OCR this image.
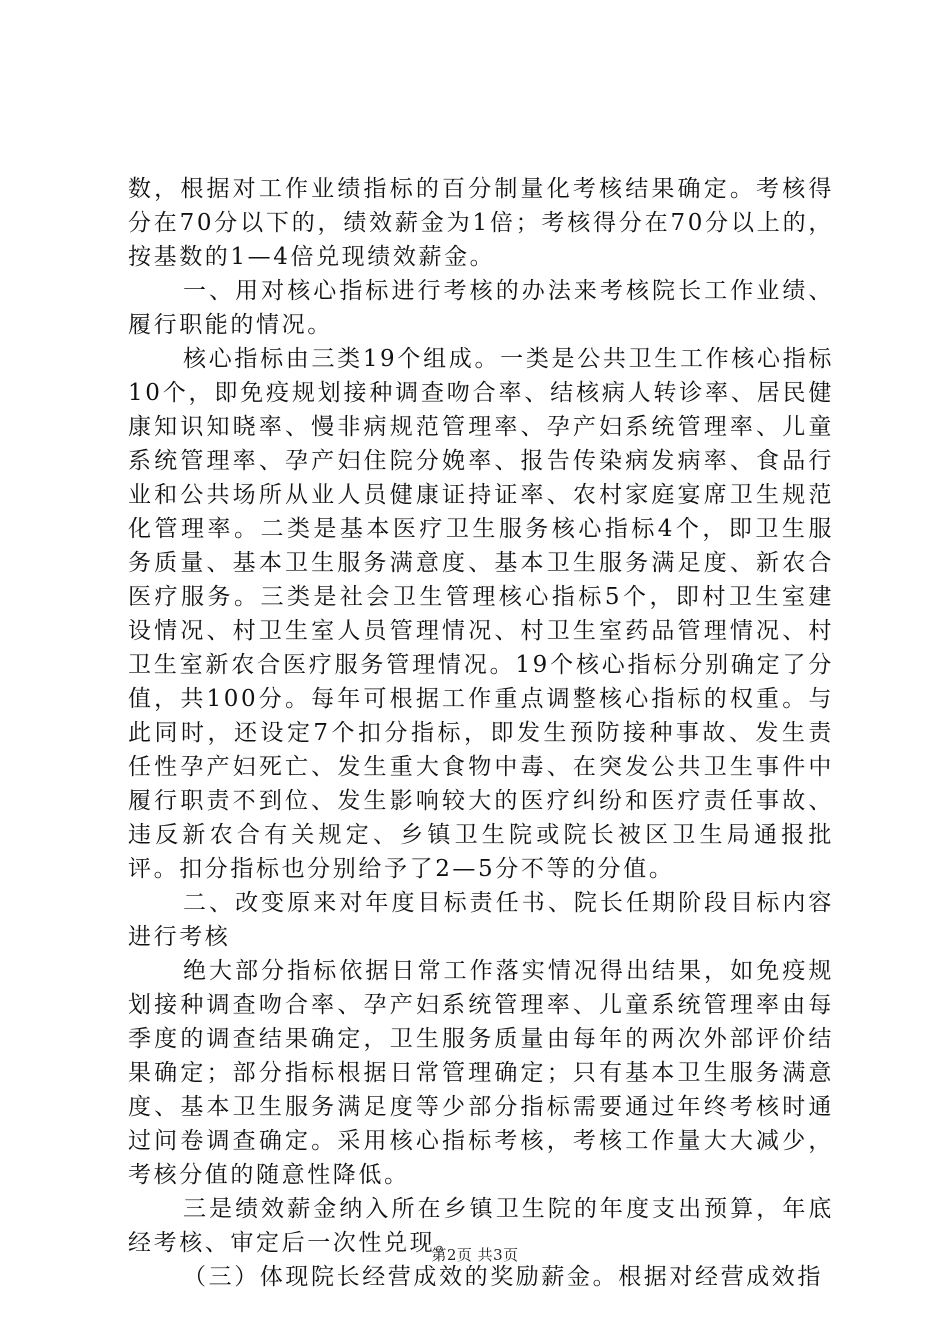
数，根据对工作业绩指标的百分制量化考核结果确定。考核得分在70分以下的，绩效薪金为1倍；考核得分在70分以上的，按基数的1—4倍兑现绩效薪金。

一、用对核心指标进行考核的办法来考核院长工作业绩、履行职能的情况。

核心指标由三类19个组成。一类是公共卫生工作核心指标10个，即免疫规划接种调查吻合率、结核病人转诊率、居民健康知识知晓率、慢非病规范管理率、孕产妇系统管理率、儿童系统管理率、孕产妇住院分娩率、报告传染病发病率、食品行业和公共场所从业人员健康证持证率、农村家庭宴席卫生规范化管理率。二类是基本医疗卫生服务核心指标4个，即卫生服务质量、基本卫生服务满意度、基本卫生服务满足度、新农合医疗服务。三类是社会卫生管理核心指标5个，即村卫生室建设情况、村卫生室人员管理情况、村卫生室药品管理情况、村卫生室新农合医疗服务管理情况。19个核心指标分别确定了分值，共100分。每年可根据工作重点调整核心指标的权重。与此同时，还设定7个扣分指标，即发生预防接种事故、发生责任性孕产妇死亡、发生重大食物中毒、在突发公共卫生事件中履行职责不到位、发生影响较大的医疗纠纷和医疗责任事故、违反新农合有关规定、乡镇卫生院或院长被区卫生局通报批评。扣分指标也分别给予了2—5分不等的分值。

二、改变原来对年度目标责任书、院长任期阶段目标内容进行考核

绝大部分指标依据日常工作落实情况得出结果，如免疫规划接种调查吻合率、孕产妇系统管理率、儿童系统管理率由每季度的调查结果确定，卫生服务质量由每年的两次外部评价结果确定；部分指标根据日常管理确定；只有基本卫生服务满意度、基本卫生服务满足度等少部分指标需要通过年终考核时通过问卷调查确定。采用核心指标考核，考核工作量大大减少，考核分值的随意性降低。

三是绩效薪金纳入所在乡镇卫生院的年度支出预算，年底经考核、审定后一次性兑现。

（三）体现院长经营成效的奖励薪金。根据对经营成效指

第2页 共3页
